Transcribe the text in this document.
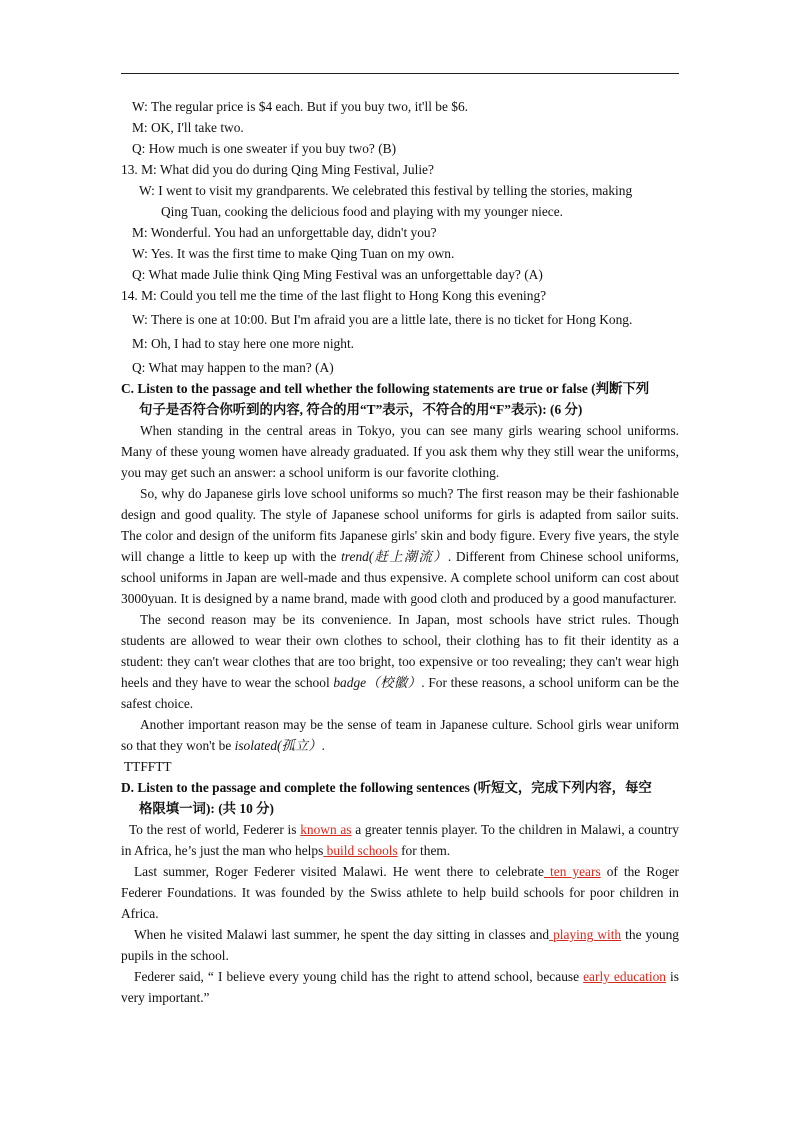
W: The regular price is $4 each. But if you buy two, it'll be $6.
M: OK, I'll take two.
Q: How much is one sweater if you buy two? (B)
13. M: What did you do during Qing Ming Festival, Julie?
W: I went to visit my grandparents. We celebrated this festival by telling the stories, making
Qing Tuan, cooking the delicious food and playing with my younger niece.
M: Wonderful. You had an unforgettable day, didn't you?
W: Yes. It was the first time to make Qing Tuan on my own.
Q: What made Julie think Qing Ming Festival was an unforgettable day? (A)
14. M: Could you tell me the time of the last flight to Hong Kong this evening?
W: There is one at 10:00. But I'm afraid you are a little late, there is no ticket for Hong Kong.
M: Oh, I had to stay here one more night.
Q: What may happen to the man? (A)
C. Listen to the passage and tell whether the following statements are true or false (判断下列
句子是否符合你听到的内容, 符合的用“T”表示，不符合的用“F”表示): (6 分)

When standing in the central areas in Tokyo, you can see many girls wearing school uniforms. Many of these young women have already graduated. If you ask them why they still wear the uniforms, you may get such an answer: a school uniform is our favorite clothing.

So, why do Japanese girls love school uniforms so much? The first reason may be their fashionable design and good quality. The style of Japanese school uniforms for girls is adapted from sailor suits. The color and design of the uniform fits Japanese girls' skin and body figure. Every five years, the style will change a little to keep up with the trend(赶上潮流）. Different from Chinese school uniforms, school uniforms in Japan are well-made and thus expensive. A complete school uniform can cost about 3000yuan. It is designed by a name brand, made with good cloth and produced by a good manufacturer.

The second reason may be its convenience. In Japan, most schools have strict rules. Though students are allowed to wear their own clothes to school, their clothing has to fit their identity as a student: they can't wear clothes that are too bright, too expensive or too revealing; they can't wear high heels and they have to wear the school badge（校徽）. For these reasons, a school uniform can be the safest choice.

Another important reason may be the sense of team in Japanese culture. School girls wear uniform so that they won't be isolated(孤立）.

TTFFTT
D. Listen to the passage and complete the following sentences (听短文，完成下列内容，每空
格限填一词): (共 10 分)

To the rest of world, Federer is known as a greater tennis player. To the children in Malawi, a country in Africa, he’s just the man who helps build schools for them.

Last summer, Roger Federer visited Malawi. He went there to celebrate ten years of the Roger Federer Foundations. It was founded by the Swiss athlete to help build schools for poor children in Africa.

When he visited Malawi last summer, he spent the day sitting in classes and playing with the young pupils in the school.

Federer said, “ I believe every young child has the right to attend school, because early education is very important.”
